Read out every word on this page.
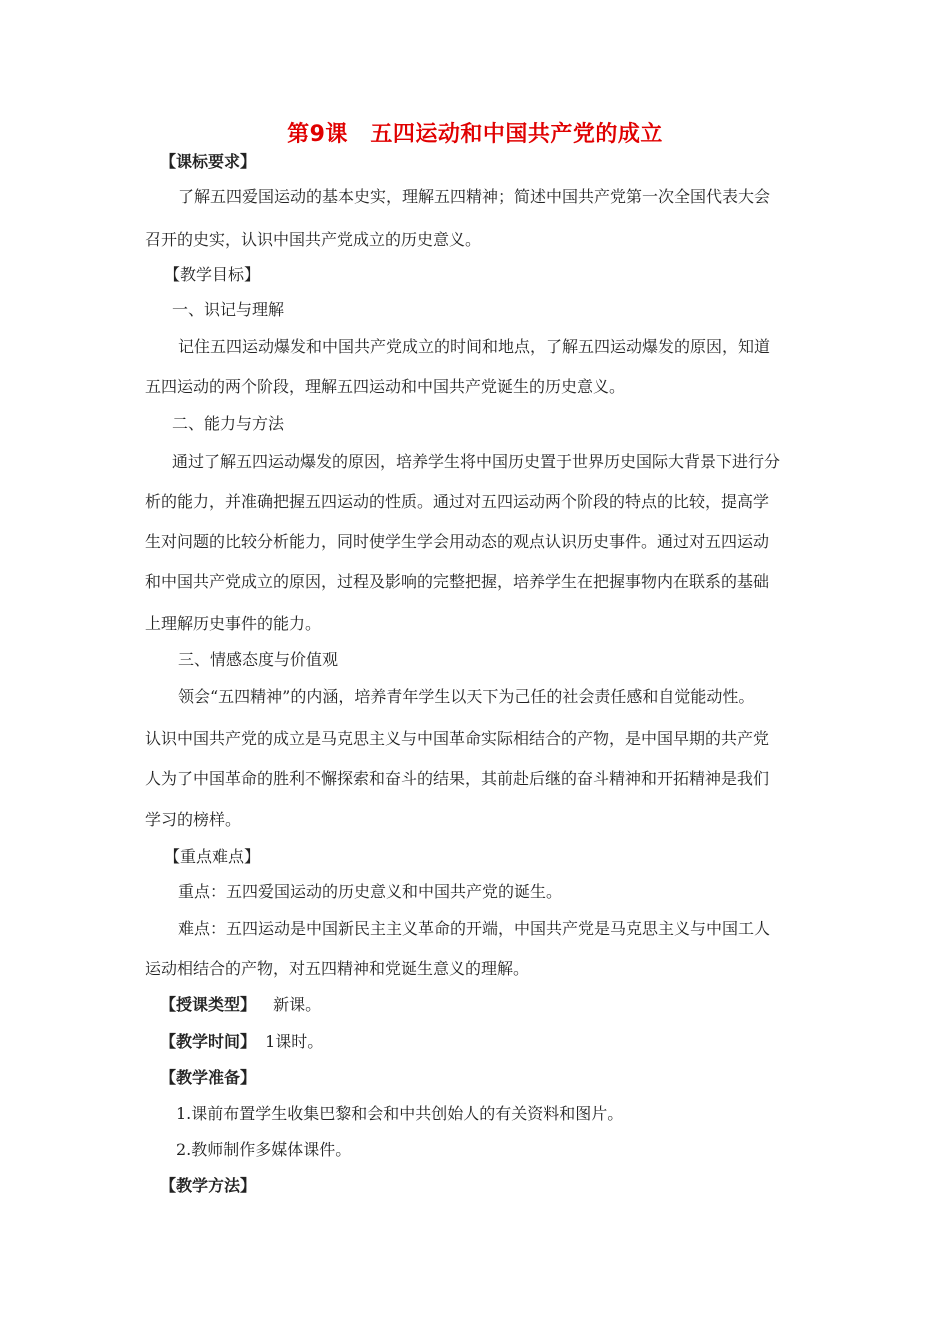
第9课　五四运动和中国共产党的成立
【课标要求】
了解五四爱国运动的基本史实，理解五四精神；简述中国共产党第一次全国代表大会
召开的史实，认识中国共产党成立的历史意义。
【教学目标】
一、识记与理解
记住五四运动爆发和中国共产党成立的时间和地点，了解五四运动爆发的原因，知道
五四运动的两个阶段，理解五四运动和中国共产党诞生的历史意义。
二、能力与方法
通过了解五四运动爆发的原因，培养学生将中国历史置于世界历史国际大背景下进行分
析的能力，并准确把握五四运动的性质。通过对五四运动两个阶段的特点的比较，提高学
生对问题的比较分析能力，同时使学生学会用动态的观点认识历史事件。通过对五四运动
和中国共产党成立的原因，过程及影响的完整把握，培养学生在把握事物内在联系的基础
上理解历史事件的能力。
三、情感态度与价值观
领会“五四精神”的内涵，培养青年学生以天下为己任的社会责任感和自觉能动性。
认识中国共产党的成立是马克思主义与中国革命实际相结合的产物，是中国早期的共产党
人为了中国革命的胜利不懈探索和奋斗的结果，其前赴后继的奋斗精神和开拓精神是我们
学习的榜样。
【重点难点】
重点：五四爱国运动的历史意义和中国共产党的诞生。
难点：五四运动是中国新民主主义革命的开端，中国共产党是马克思主义与中国工人
运动相结合的产物，对五四精神和党诞生意义的理解。
【授课类型】 新课。
【教学时间】 1课时。
【教学准备】
1.课前布置学生收集巴黎和会和中共创始人的有关资料和图片。
2.教师制作多媒体课件。
【教学方法】
